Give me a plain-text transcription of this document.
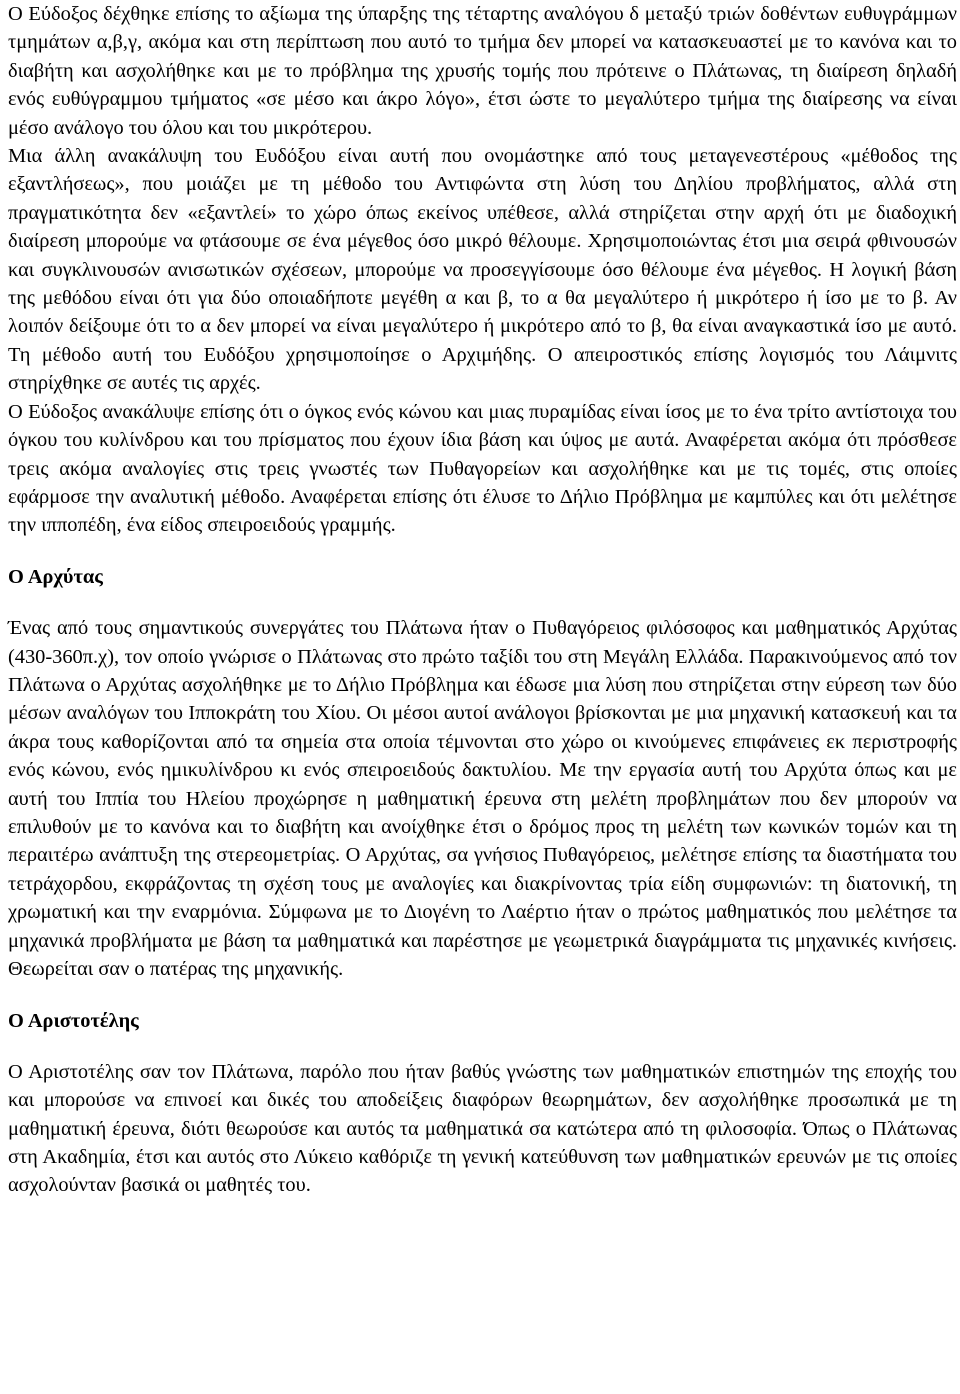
Ο Εύδοξος δέχθηκε επίσης το αξίωμα της ύπαρξης της τέταρτης αναλόγου δ μεταξύ τριών δοθέντων ευθυγράμμων τμημάτων α,β,γ, ακόμα και στη περίπτωση που αυτό το τμήμα δεν μπορεί να κατασκευαστεί με το κανόνα και το διαβήτη και ασχολήθηκε και με το πρόβλημα της χρυσής τομής που πρότεινε ο Πλάτωνας, τη διαίρεση δηλαδή ενός ευθύγραμμου τμήματος «σε μέσο και άκρο λόγο», έτσι ώστε το μεγαλύτερο τμήμα της διαίρεσης να είναι μέσο ανάλογο του όλου και του μικρότερου.

Μια άλλη ανακάλυψη του Ευδόξου είναι αυτή που ονομάστηκε από τους μεταγενεστέρους «μέθοδος της εξαντλήσεως», που μοιάζει με τη μέθοδο του Αντιφώντα στη λύση του Δηλίου προβλήματος, αλλά στη πραγματικότητα δεν «εξαντλεί» το χώρο όπως εκείνος υπέθεσε, αλλά στηρίζεται στην αρχή ότι με διαδοχική διαίρεση μπορούμε να φτάσουμε σε ένα μέγεθος όσο μικρό θέλουμε. Χρησιμοποιώντας έτσι μια σειρά φθινουσών και συγκλινουσών ανισωτικών σχέσεων, μπορούμε να προσεγγίσουμε όσο θέλουμε ένα μέγεθος. Η λογική βάση της μεθόδου είναι ότι για δύο οποιαδήποτε μεγέθη α και β, το α θα μεγαλύτερο ή μικρότερο ή ίσο με το β. Αν λοιπόν δείξουμε ότι το α δεν μπορεί να είναι μεγαλύτερο ή μικρότερο από το β, θα είναι αναγκαστικά ίσο με αυτό. Τη μέθοδο αυτή του Ευδόξου χρησιμοποίησε ο Αρχιμήδης. Ο απειροστικός επίσης λογισμός του Λάιμνιτς στηρίχθηκε σε αυτές τις αρχές.

Ο Εύδοξος ανακάλυψε επίσης ότι ο όγκος ενός κώνου και μιας πυραμίδας είναι ίσος με το ένα τρίτο αντίστοιχα του όγκου του κυλίνδρου και του πρίσματος που έχουν ίδια βάση και ύψος με αυτά. Αναφέρεται ακόμα ότι πρόσθεσε τρεις ακόμα αναλογίες στις τρεις γνωστές των Πυθαγορείων και ασχολήθηκε και με τις τομές, στις οποίες εφάρμοσε την αναλυτική μέθοδο. Αναφέρεται επίσης ότι έλυσε το Δήλιο Πρόβλημα με καμπύλες και ότι μελέτησε την ιπποπέδη, ένα είδος σπειροειδούς γραμμής.

Ο Αρχύτας

Ένας από τους σημαντικούς συνεργάτες του Πλάτωνα ήταν ο Πυθαγόρειος φιλόσοφος και μαθηματικός Αρχύτας (430-360π.χ), τον οποίο γνώρισε ο Πλάτωνας στο πρώτο ταξίδι του στη Μεγάλη Ελλάδα. Παρακινούμενος από τον Πλάτωνα ο Αρχύτας ασχολήθηκε με το Δήλιο Πρόβλημα και έδωσε μια λύση που στηρίζεται στην εύρεση των δύο μέσων αναλόγων του Ιπποκράτη του Χίου. Οι μέσοι αυτοί ανάλογοι βρίσκονται με μια μηχανική κατασκευή και τα άκρα τους καθορίζονται από τα σημεία στα οποία τέμνονται στο χώρο οι κινούμενες επιφάνειες εκ περιστροφής ενός κώνου, ενός ημικυλίνδρου κι ενός σπειροειδούς δακτυλίου. Με την εργασία αυτή του Αρχύτα όπως και με αυτή του Ιππία του Ηλείου προχώρησε η μαθηματική έρευνα στη μελέτη προβλημάτων που δεν μπορούν να επιλυθούν με το κανόνα και το διαβήτη και ανοίχθηκε έτσι ο δρόμος προς τη μελέτη των κωνικών τομών και τη περαιτέρω ανάπτυξη της στερεομετρίας. Ο Αρχύτας, σα γνήσιος Πυθαγόρειος, μελέτησε επίσης τα διαστήματα του τετράχορδου, εκφράζοντας τη σχέση τους με αναλογίες και διακρίνοντας τρία είδη συμφωνιών: τη διατονική, τη χρωματική και την εναρμόνια. Σύμφωνα με το Διογένη το Λαέρτιο ήταν ο πρώτος μαθηματικός που μελέτησε τα μηχανικά προβλήματα με βάση τα μαθηματικά και παρέστησε με γεωμετρικά διαγράμματα τις μηχανικές κινήσεις. Θεωρείται σαν ο πατέρας της μηχανικής.

Ο Αριστοτέλης

Ο Αριστοτέλης σαν τον Πλάτωνα, παρόλο που ήταν βαθύς γνώστης των μαθηματικών επιστημών της εποχής του και μπορούσε να επινοεί και δικές του αποδείξεις διαφόρων θεωρημάτων, δεν ασχολήθηκε προσωπικά με τη μαθηματική έρευνα, διότι θεωρούσε και αυτός τα μαθηματικά σα κατώτερα από τη φιλοσοφία. Όπως ο Πλάτωνας στη Ακαδημία, έτσι και αυτός στο Λύκειο καθόριζε τη γενική κατεύθυνση των μαθηματικών ερευνών με τις οποίες ασχολούνταν βασικά οι μαθητές του.
